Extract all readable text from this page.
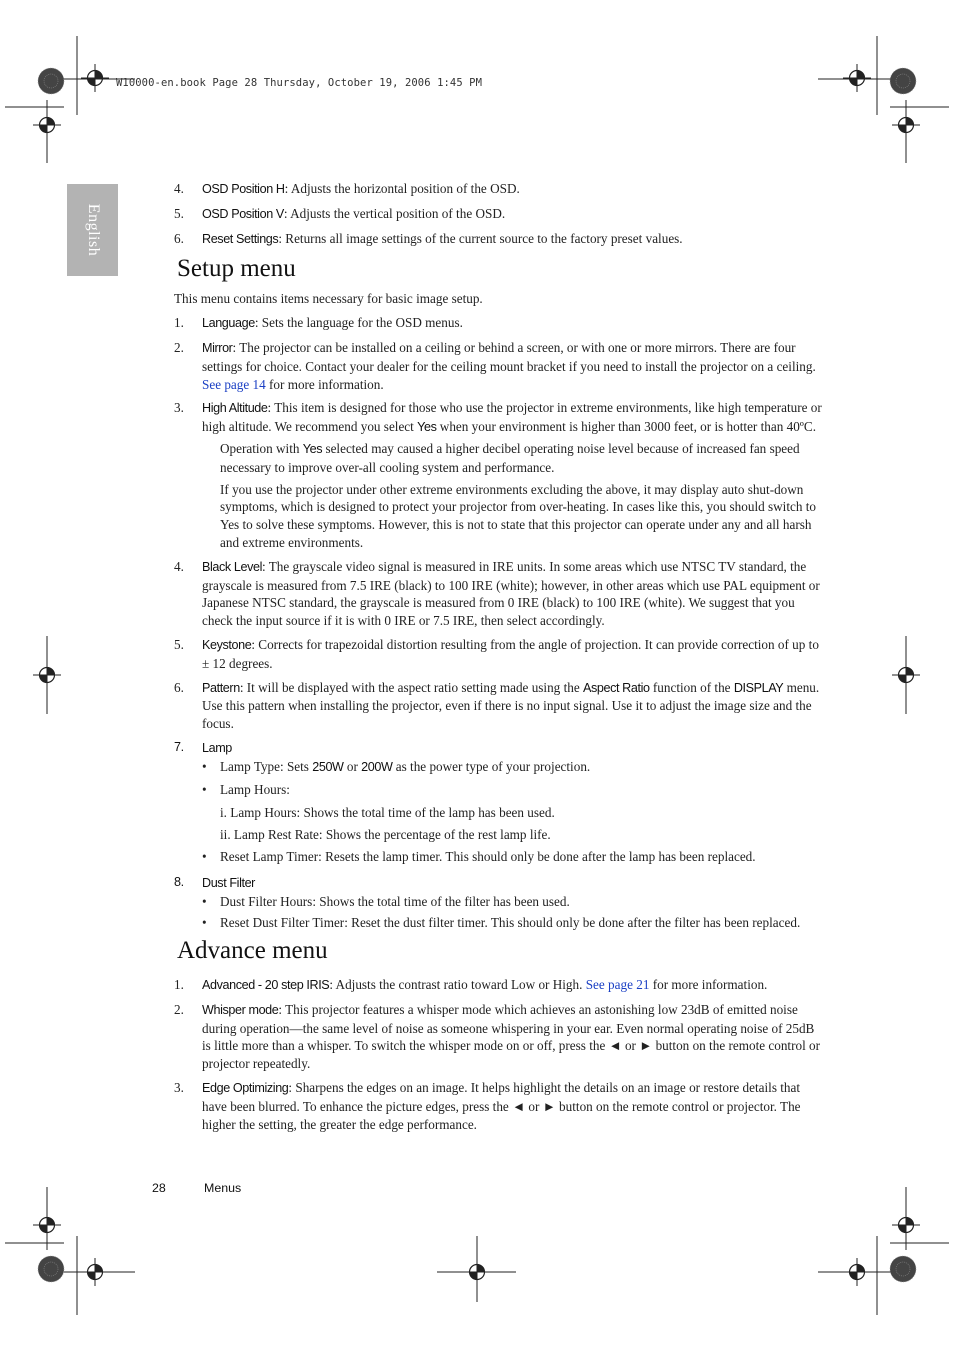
W10000-en.book Page 28 Thursday, October 19, 2006 1:45 PM
English
4. OSD Position H: Adjusts the horizontal position of the OSD.
5. OSD Position V: Adjusts the vertical position of the OSD.
6. Reset Settings: Returns all image settings of the current source to the factory preset values.
Setup menu

This menu contains items necessary for basic image setup.

1. Language: Sets the language for the OSD menus.
2. Mirror: The projector can be installed on a ceiling or behind a screen, or with one or more mirrors. There are four settings for choice. Contact your dealer for the ceiling mount bracket if you need to install the projector on a ceiling. See page 14 for more information.
3. High Altitude: This item is designed for those who use the projector in extreme environments, like high temperature or high altitude. We recommend you select Yes when your environment is higher than 3000 feet, or is hotter than 40ºC.
Operation with Yes selected may caused a higher decibel operating noise level because of increased fan speed necessary to improve over-all cooling system and performance.
If you use the projector under other extreme environments excluding the above, it may display auto shut-down symptoms, which is designed to protect your projector from over-heating. In cases like this, you should switch to Yes to solve these symptoms. However, this is not to state that this projector can operate under any and all harsh and extreme environments.
4. Black Level: The grayscale video signal is measured in IRE units. In some areas which use NTSC TV standard, the grayscale is measured from 7.5 IRE (black) to 100 IRE (white); however, in other areas which use PAL equipment or Japanese NTSC standard, the grayscale is measured from 0 IRE (black) to 100 IRE (white). We suggest that you check the input source if it is with 0 IRE or 7.5 IRE, then select accordingly.
5. Keystone: Corrects for trapezoidal distortion resulting from the angle of projection. It can provide correction of up to ± 12 degrees.
6. Pattern: It will be displayed with the aspect ratio setting made using the Aspect Ratio function of the DISPLAY menu. Use this pattern when installing the projector, even if there is no input signal. Use it to adjust the image size and the focus.
7. Lamp
• Lamp Type: Sets 250W or 200W as the power type of your projection.
• Lamp Hours:
i. Lamp Hours: Shows the total time of the lamp has been used.
ii. Lamp Rest Rate: Shows the percentage of the rest lamp life.
• Reset Lamp Timer: Resets the lamp timer. This should only be done after the lamp has been replaced.
8. Dust Filter
• Dust Filter Hours: Shows the total time of the filter has been used.
• Reset Dust Filter Timer: Reset the dust filter timer. This should only be done after the filter has been replaced.
Advance menu
1. Advanced - 20 step IRIS: Adjusts the contrast ratio toward Low or High. See page 21 for more information.
2. Whisper mode: This projector features a whisper mode which achieves an astonishing low 23dB of emitted noise during operation—the same level of noise as someone whispering in your ear. Even normal operating noise of 25dB is little more than a whisper. To switch the whisper mode on or off, press the ◄ or ► button on the remote control or projector repeatedly.
3. Edge Optimizing: Sharpens the edges on an image. It helps highlight the details on an image or restore details that have been blurred. To enhance the picture edges, press the ◄ or ► button on the remote control or projector. The higher the setting, the greater the edge performance.
28	Menus
